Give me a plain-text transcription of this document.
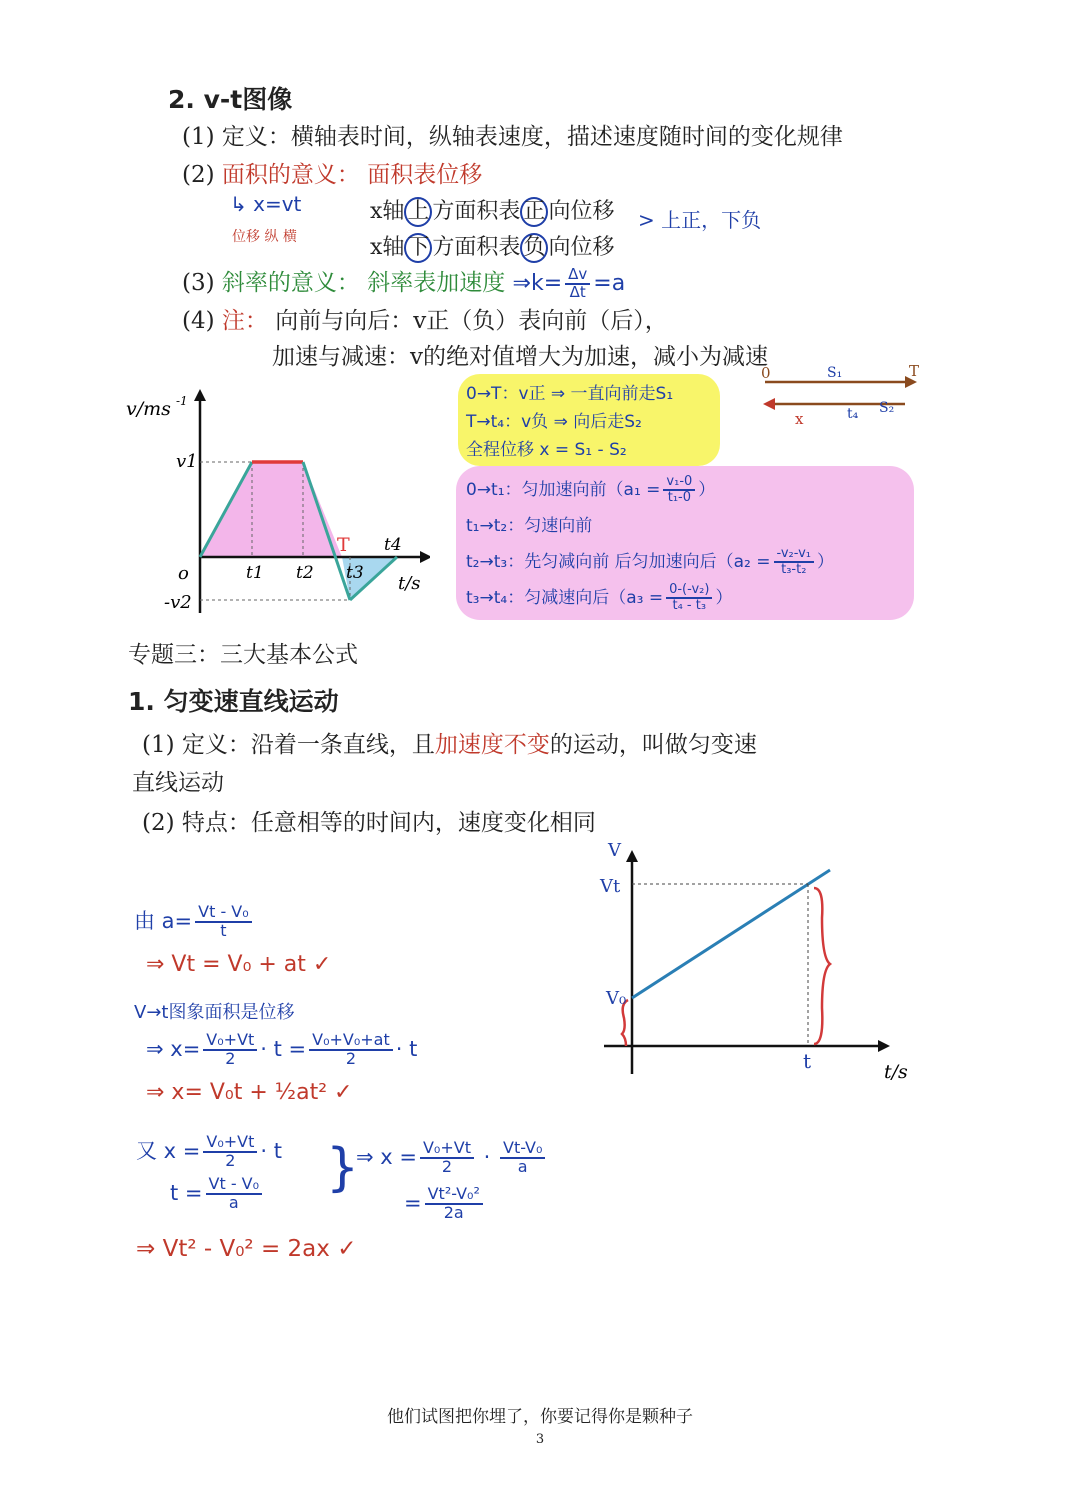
2. v-t图像
(1) 定义：横轴表时间，纵轴表速度，描述速度随时间的变化规律
(2) 面积的意义： 面积表位移
↳ x=vt
位移 纵 横
x轴 上 方面积表 正 向位移
x轴 下 方面积表 负 向位移
> 上正，下负
(3) 斜率的意义： 斜率表加速度 ⇒k= $\frac{\Delta v}{\Delta t} =a$
(4) 注： 向前与向后：v正（负）表向前（后），
加速与减速：v的绝对值增大为加速，减小为减速
v/ms -1
v1
o
-v2
t1 t2 t3
t4
T
t/s
0→T：v正 ⇒ 一直向前走S₁
T→t₄：v负 ⇒ 向后走S₂
全程位移 x = S₁ - S₂
0	T
S₁
S₂
x	t₄
0→t₁：匀加速向前（$a_1 = \frac{\text{v₁-0}}{\text{t₁-0}}$ ）
t₁→t₂：匀速向前
t₂→t₃：先匀减向前 后匀加速向后（$a_2 = \frac{\text{-v₂-v₁}}{\text{t₃-t₂}}$ ）
t₃→t₄：匀减速向后（$a_3 = \frac{\text{0-(-v₂)}}{\text{t₄ - t₃}}$ ）
专题三：三大基本公式
1. 匀变速直线运动
(1) 定义：沿着一条直线，且加速度不变的运动，叫做匀变速
直线运动
(2) 特点：任意相等的时间内，速度变化相同
由 $a= \frac{\text{Vt - V₀}}{t}$
⇒ Vt = V₀ + at ✓
V→t图象面积是位移
⇒ $x= \frac{\text{V₀+Vt}}{2} \cdot t = \frac{\text{V₀+V₀+at}}{2} \cdot t$
⇒ x= V₀t + ½at² ✓
又 $x = \frac{\text{V₀+Vt}}{2} \cdot t$
$t = \frac{\text{Vt - V₀}}{a}$ }
⇒ $x = \frac{\text{V₀+Vt}}{2} \cdot \frac{\text{Vt-V₀}}{a}$
= $\frac{\text{Vt²-V₀²}}{2a}$
⇒ Vt² - V₀² = 2ax ✓
V
Vt
V₀
t	t/s
他们试图把你埋了，你要记得你是颗种子
3
